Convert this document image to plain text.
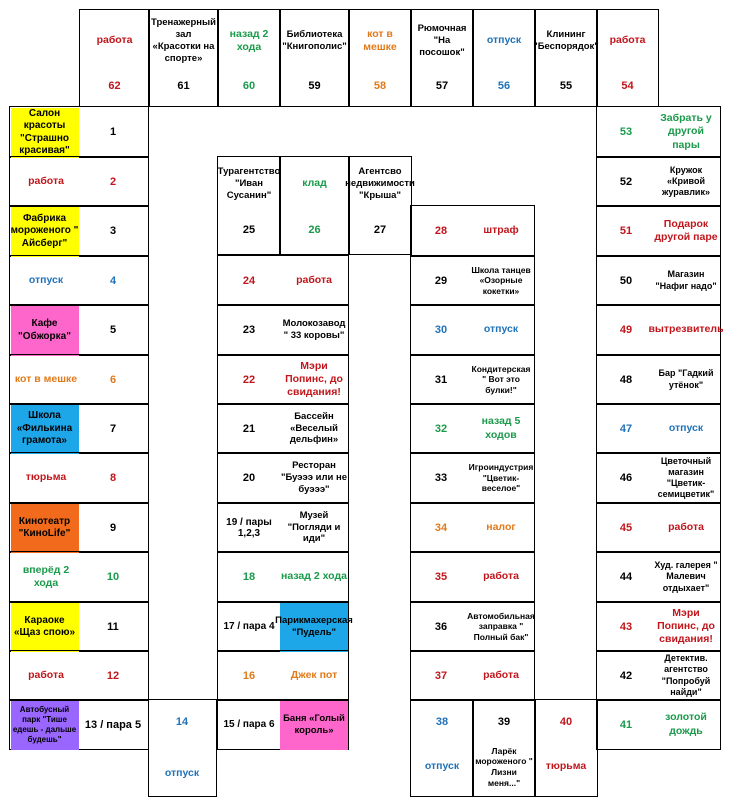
работа
62
Тренажерный зал «Красотки на спорте»
61
назад 2 хода
60
Библиотека "Книгополис"
59
кот в мешке
58
Рюмочная "На посошок"
57
отпуск
56
Клининг "Беспорядок"
55
работа
54
Салон красоты "Страшно красивая"
1
работа	2
Фабрика мороженого " Айсберг"
3
отпуск	4
Кафе "Обжорка"	5
кот в мешке	6
Школа «Филькина грамота»
7
тюрьма	8
Кинотеатр "КиноLife"	9
вперёд 2 хода	10
Караоке «Щаз спою»	11
работа	12
Автобусный парк "Тише едешь - дальше будешь"
13 / пара 5	14
отпуск
Турагентство "Иван Сусанин"
25
клад
26
Агентсво недвижимости "Крыша"
27
24	работа
23
Молокозавод " 33 коровы"
22
Мэри Попинс, до свидания!
21
Бассейн «Веселый дельфин»
20
Ресторан "Буэээ или не буэээ"
19 / пары 1,2,3
Музей "Погляди и иди"
18	назад 2 хода
17 / пара 4
Парикмахерская "Пудель"
16	Джек пот
15 / пара 6
Баня «Голый король»
28	штраф
29
Школа танцев «Озорные кокетки»
30	отпуск
31
Кондитерская " Вот это булки!"
32
назад 5 ходов
33
Игроиндустрия "Цветик-веселое"
34	налог
35	работа
36
Автомобильная заправка " Полный бак"
37	работа
38
отпуск
39
Ларёк мороженого " Лизни меня..."
40
тюрьма
53
Забрать у другой пары
52
Кружок «Кривой журавлик»
51
Подарок другой паре
50
Магазин "Нафиг надо"
49	вытрезвитель
48
Бар "Гадкий утёнок"
47	отпуск
46
Цветочный магазин "Цветик-семицветик"
45	работа
44
Худ. галерея " Малевич отдыхает"
43
Мэри Попинс, до свидания!
42
Детектив. агентство "Попробуй найди"
41
золотой дождь
